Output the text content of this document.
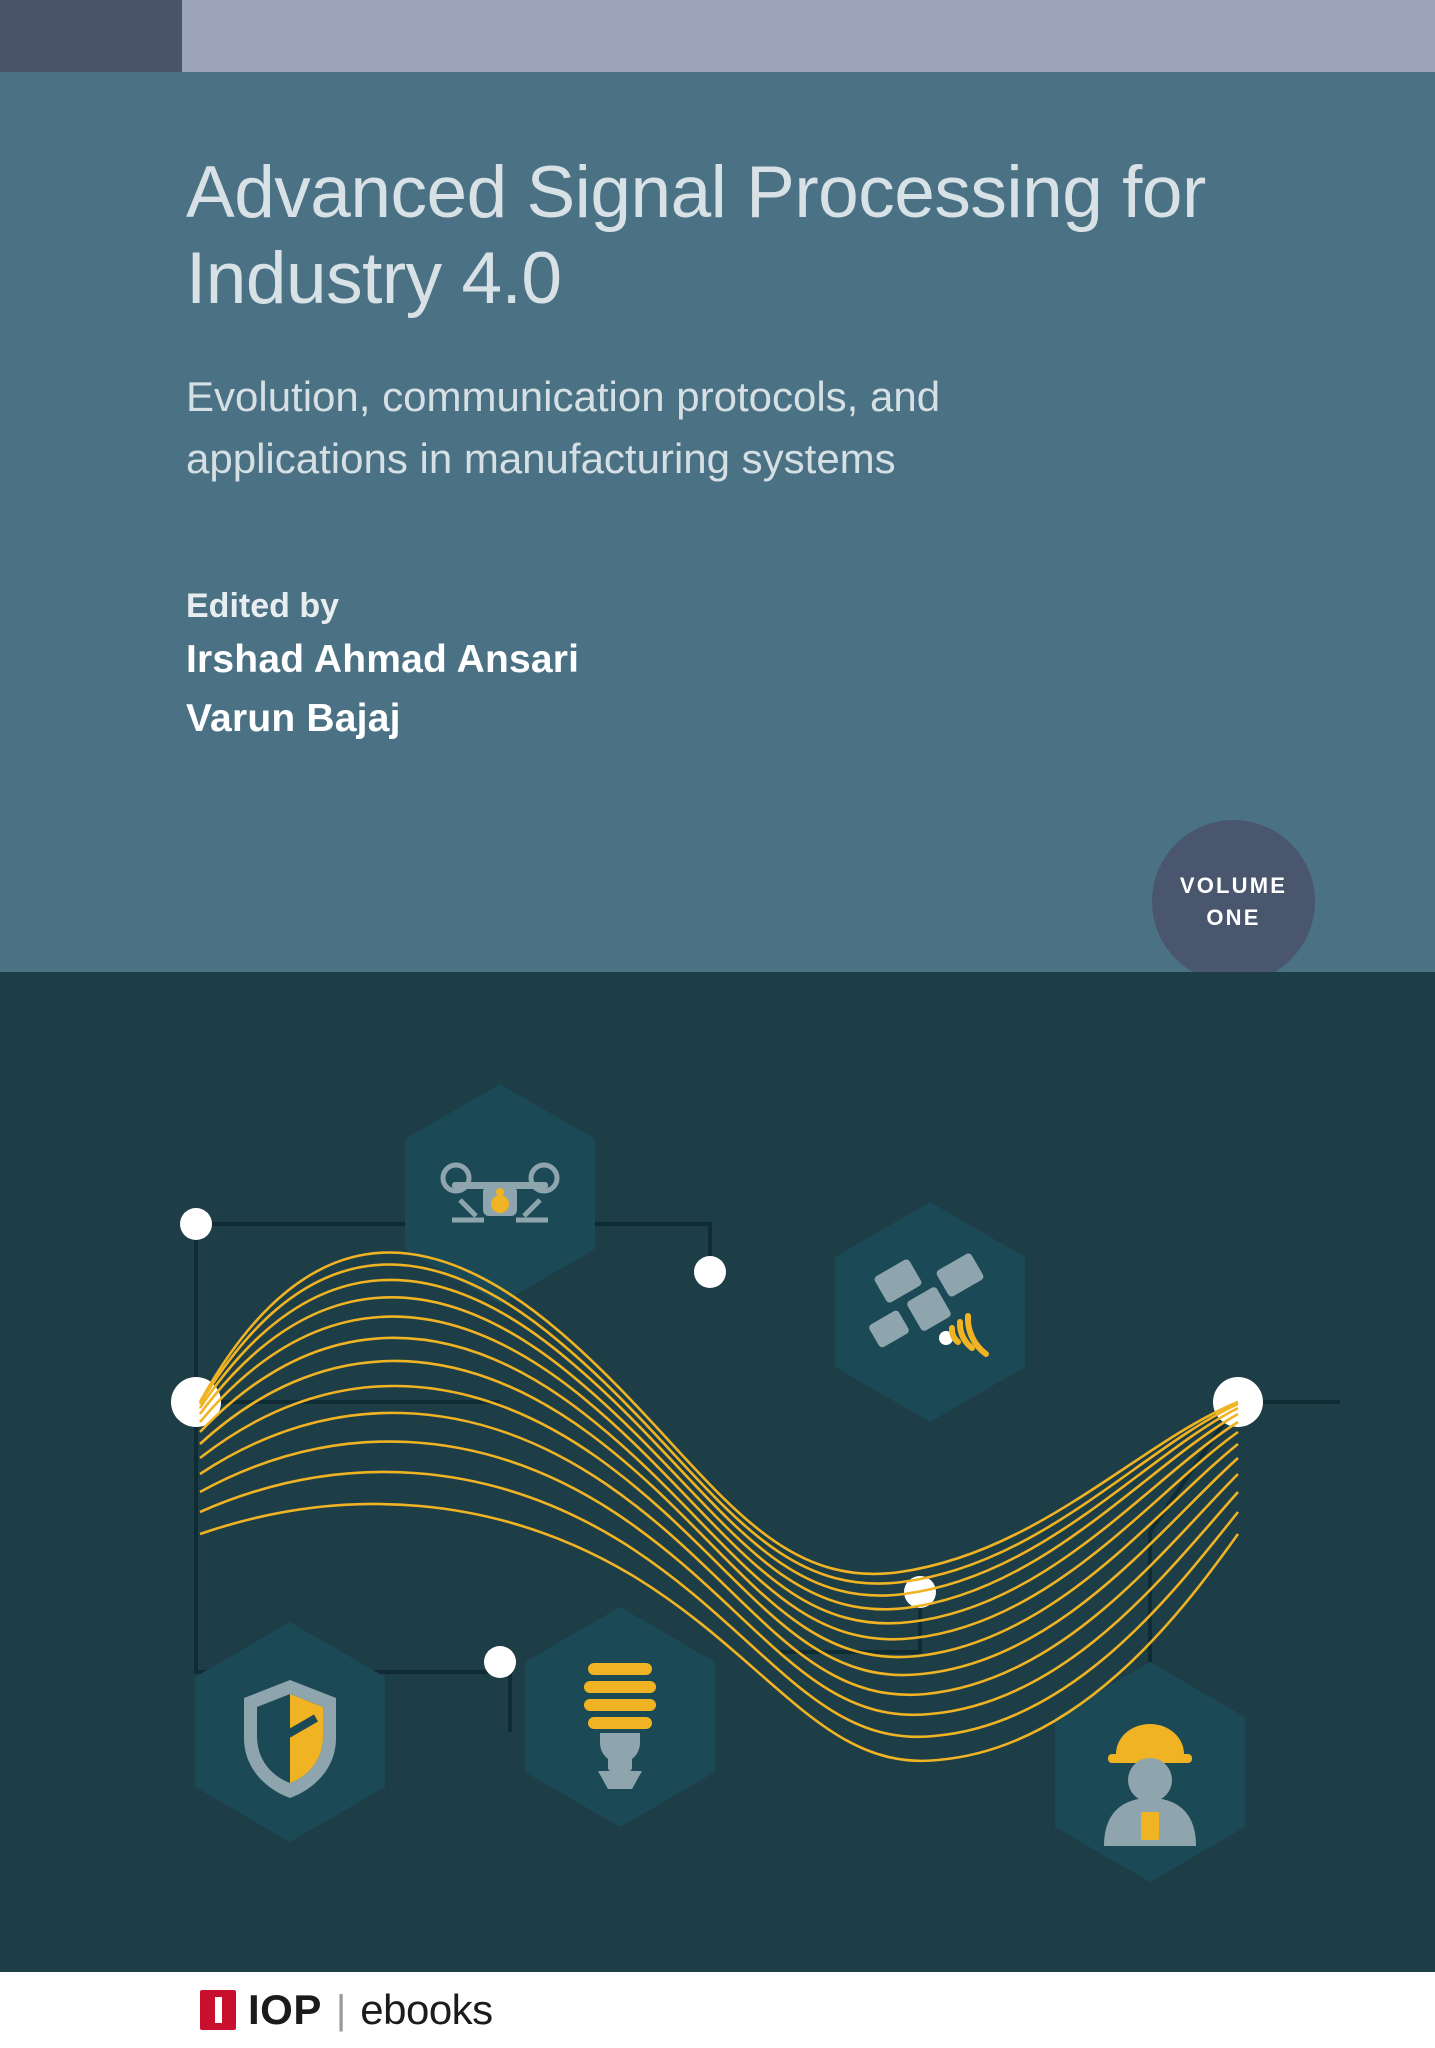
Advanced Signal Processing for Industry 4.0

Evolution, communication protocols, and applications in manufacturing systems

Edited by

Irshad Ahmad Ansari

Varun Bajaj

VOLUME
ONE
IOP | ebooks
